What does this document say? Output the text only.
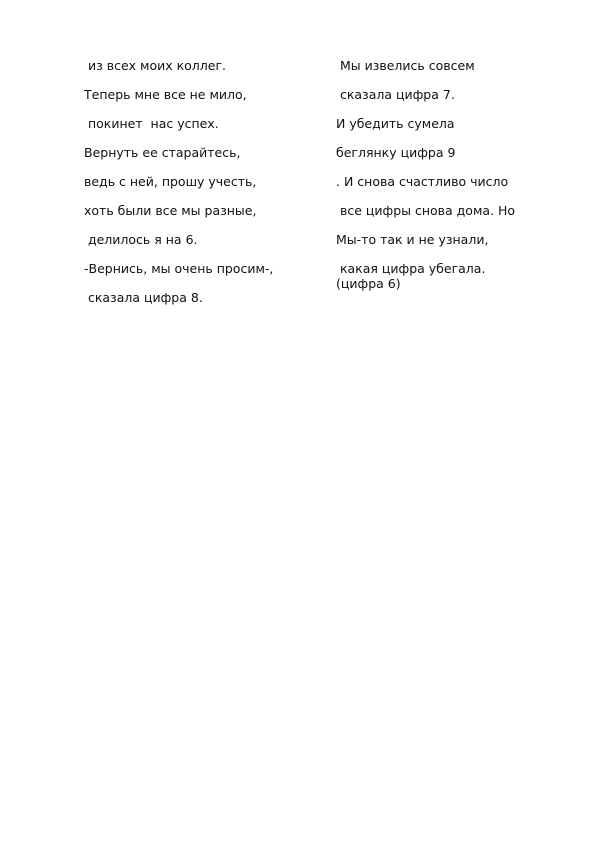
из всех моих коллег.
Теперь мне все не мило,
покинет  нас успех.
Вернуть ее старайтесь,
ведь с ней, прошу учесть,
хоть были все мы разные,
делилось я на 6.
-Вернись, мы очень просим-,
сказала цифра 8.
Мы извелись совсем
сказала цифра 7.
И убедить сумела
беглянку цифра 9
. И снова счастливо число
все цифры снова дома. Но
Мы-то так и не узнали,
какая цифра убегала.
(цифра 6)
